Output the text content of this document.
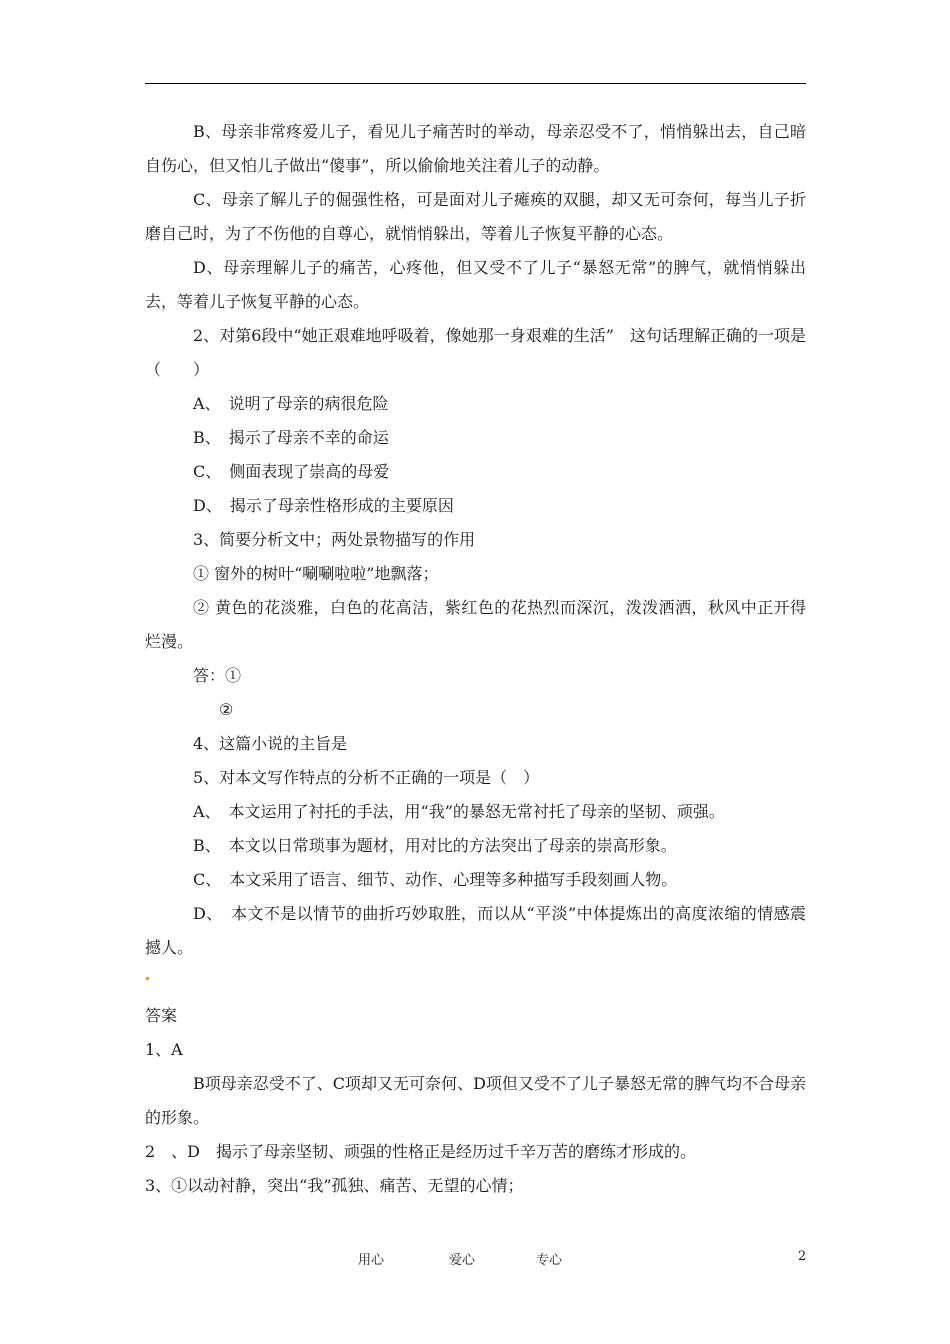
B、母亲非常疼爱儿子，看见儿子痛苦时的举动，母亲忍受不了，悄悄躲出去，自己暗自伤心，但又怕儿子做出“傻事”，所以偷偷地关注着儿子的动静。

C、母亲了解儿子的倔强性格，可是面对儿子瘫痪的双腿，却又无可奈何，每当儿子折磨自己时，为了不伤他的自尊心，就悄悄躲出，等着儿子恢复平静的心态。

D、母亲理解儿子的痛苦，心疼他，但又受不了儿子“暴怒无常”的脾气，就悄悄躲出去，等着儿子恢复平静的心态。

2、对第6段中“她正艰难地呼吸着，像她那一身艰难的生活”　这句话理解正确的一项是（　　）

A、　说明了母亲的病很危险

B、　揭示了母亲不幸的命运

C、　侧面表现了崇高的母爱

D、　揭示了母亲性格形成的主要原因

3、简要分析文中；两处景物描写的作用

① 窗外的树叶“唰唰啦啦”地飘落；

② 黄色的花淡雅，白色的花高洁，紫红色的花热烈而深沉，泼泼洒洒，秋风中正开得烂漫。

答：①

②

4、这篇小说的主旨是

5、对本文写作特点的分析不正确的一项是（　）

A、　本文运用了衬托的手法，用“我”的暴怒无常衬托了母亲的坚韧、顽强。

B、　本文以日常琐事为题材，用对比的方法突出了母亲的崇高形象。

C、　本文采用了语言、细节、动作、心理等多种描写手段刻画人物。

D、　本文不是以情节的曲折巧妙取胜，而以从“平淡”中体提炼出的高度浓缩的情感震撼人。

答案

1、A

B项母亲忍受不了、C项却又无可奈何、D项但又受不了儿子暴怒无常的脾气均不合母亲的形象。

2　、D　揭示了母亲坚韧、顽强的性格正是经历过千辛万苦的磨练才形成的。

3、①以动衬静，突出“我”孤独、痛苦、无望的心情；

用心	爱心	专心	2
